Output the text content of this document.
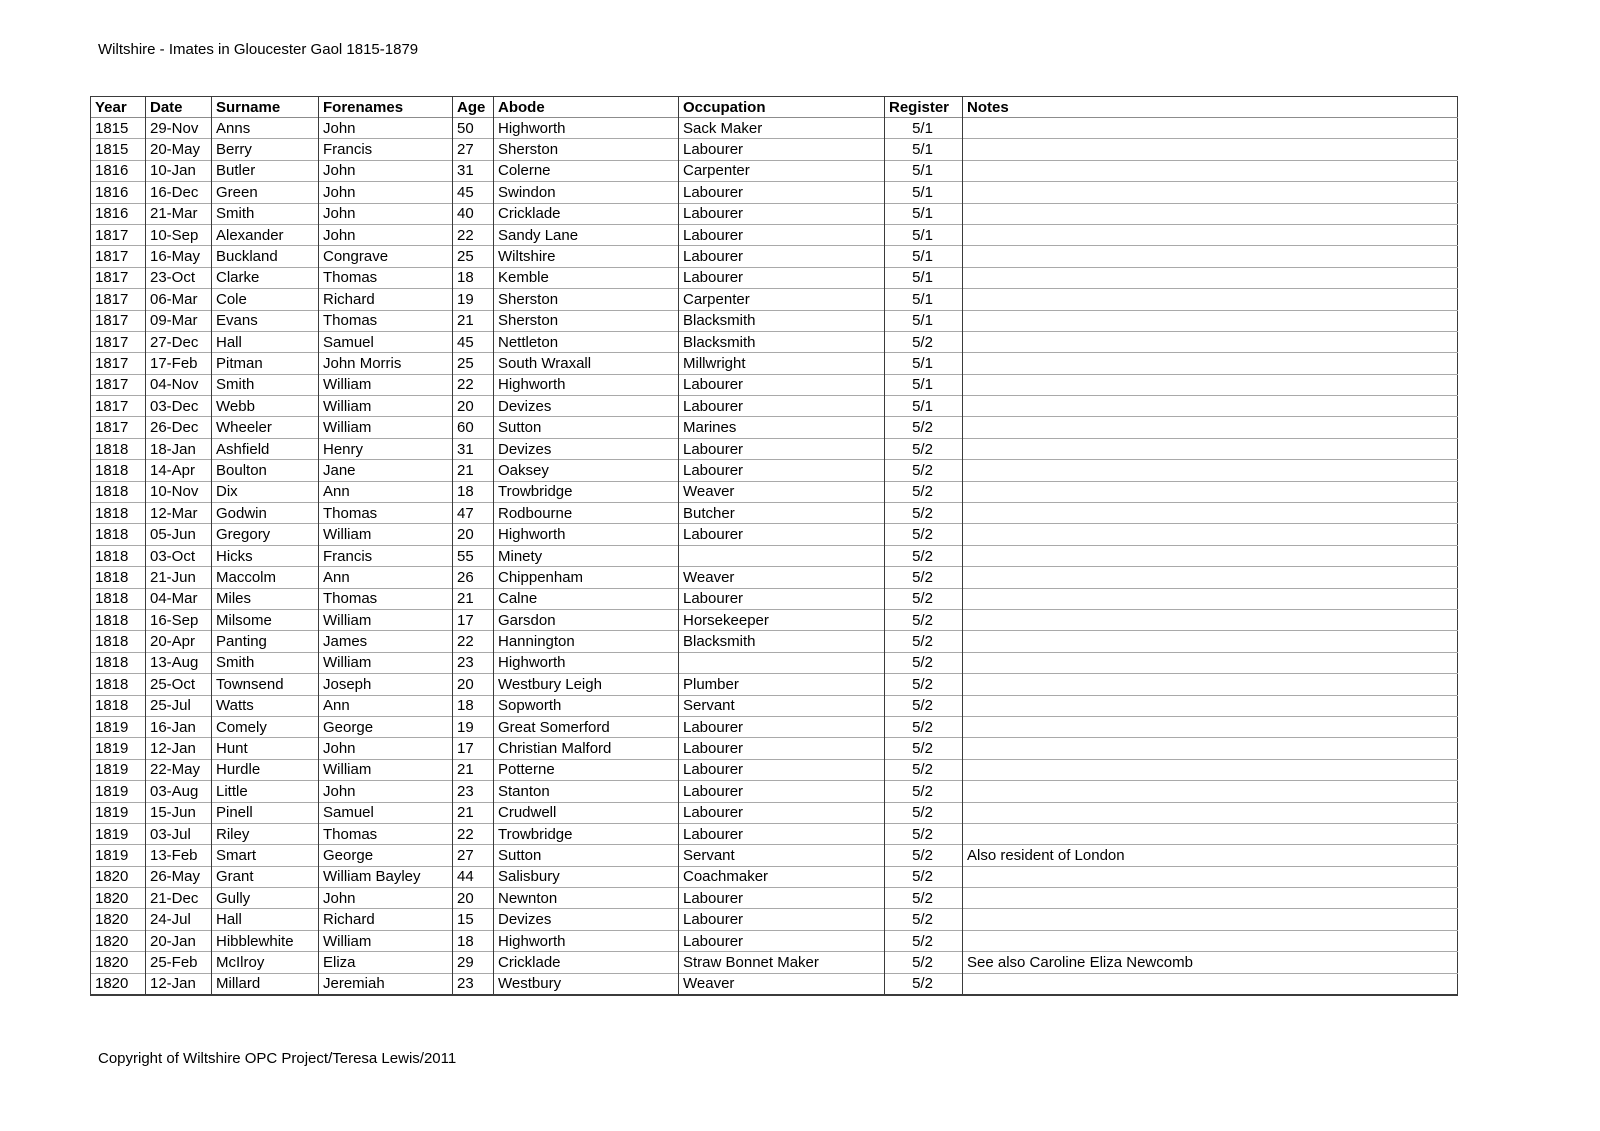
Wiltshire - Imates in Gloucester Gaol 1815-1879
Year	Date	Surname	Forenames	Age	Abode	Occupation	Register	Notes
1815	29-Nov	Anns	John	50	Highworth	Sack Maker	5/1	
1815	20-May	Berry	Francis	27	Sherston	Labourer	5/1	
1816	10-Jan	Butler	John	31	Colerne	Carpenter	5/1	
1816	16-Dec	Green	John	45	Swindon	Labourer	5/1	
1816	21-Mar	Smith	John	40	Cricklade	Labourer	5/1	
1817	10-Sep	Alexander	John	22	Sandy Lane	Labourer	5/1	
1817	16-May	Buckland	Congrave	25	Wiltshire	Labourer	5/1	
1817	23-Oct	Clarke	Thomas	18	Kemble	Labourer	5/1	
1817	06-Mar	Cole	Richard	19	Sherston	Carpenter	5/1	
1817	09-Mar	Evans	Thomas	21	Sherston	Blacksmith	5/1	
1817	27-Dec	Hall	Samuel	45	Nettleton	Blacksmith	5/2	
1817	17-Feb	Pitman	John Morris	25	South Wraxall	Millwright	5/1	
1817	04-Nov	Smith	William	22	Highworth	Labourer	5/1	
1817	03-Dec	Webb	William	20	Devizes	Labourer	5/1	
1817	26-Dec	Wheeler	William	60	Sutton	Marines	5/2	
1818	18-Jan	Ashfield	Henry	31	Devizes	Labourer	5/2	
1818	14-Apr	Boulton	Jane	21	Oaksey	Labourer	5/2	
1818	10-Nov	Dix	Ann	18	Trowbridge	Weaver	5/2	
1818	12-Mar	Godwin	Thomas	47	Rodbourne	Butcher	5/2	
1818	05-Jun	Gregory	William	20	Highworth	Labourer	5/2	
1818	03-Oct	Hicks	Francis	55	Minety		5/2	
1818	21-Jun	Maccolm	Ann	26	Chippenham	Weaver	5/2	
1818	04-Mar	Miles	Thomas	21	Calne	Labourer	5/2	
1818	16-Sep	Milsome	William	17	Garsdon	Horsekeeper	5/2	
1818	20-Apr	Panting	James	22	Hannington	Blacksmith	5/2	
1818	13-Aug	Smith	William	23	Highworth		5/2	
1818	25-Oct	Townsend	Joseph	20	Westbury Leigh	Plumber	5/2	
1818	25-Jul	Watts	Ann	18	Sopworth	Servant	5/2	
1819	16-Jan	Comely	George	19	Great Somerford	Labourer	5/2	
1819	12-Jan	Hunt	John	17	Christian Malford	Labourer	5/2	
1819	22-May	Hurdle	William	21	Potterne	Labourer	5/2	
1819	03-Aug	Little	John	23	Stanton	Labourer	5/2	
1819	15-Jun	Pinell	Samuel	21	Crudwell	Labourer	5/2	
1819	03-Jul	Riley	Thomas	22	Trowbridge	Labourer	5/2	
1819	13-Feb	Smart	George	27	Sutton	Servant	5/2	Also resident of London
1820	26-May	Grant	William Bayley	44	Salisbury	Coachmaker	5/2	
1820	21-Dec	Gully	John	20	Newnton	Labourer	5/2	
1820	24-Jul	Hall	Richard	15	Devizes	Labourer	5/2	
1820	20-Jan	Hibblewhite	William	18	Highworth	Labourer	5/2	
1820	25-Feb	McIlroy	Eliza	29	Cricklade	Straw Bonnet Maker	5/2	See also Caroline Eliza Newcomb
1820	12-Jan	Millard	Jeremiah	23	Westbury	Weaver	5/2	
Copyright of Wiltshire OPC Project/Teresa Lewis/2011
